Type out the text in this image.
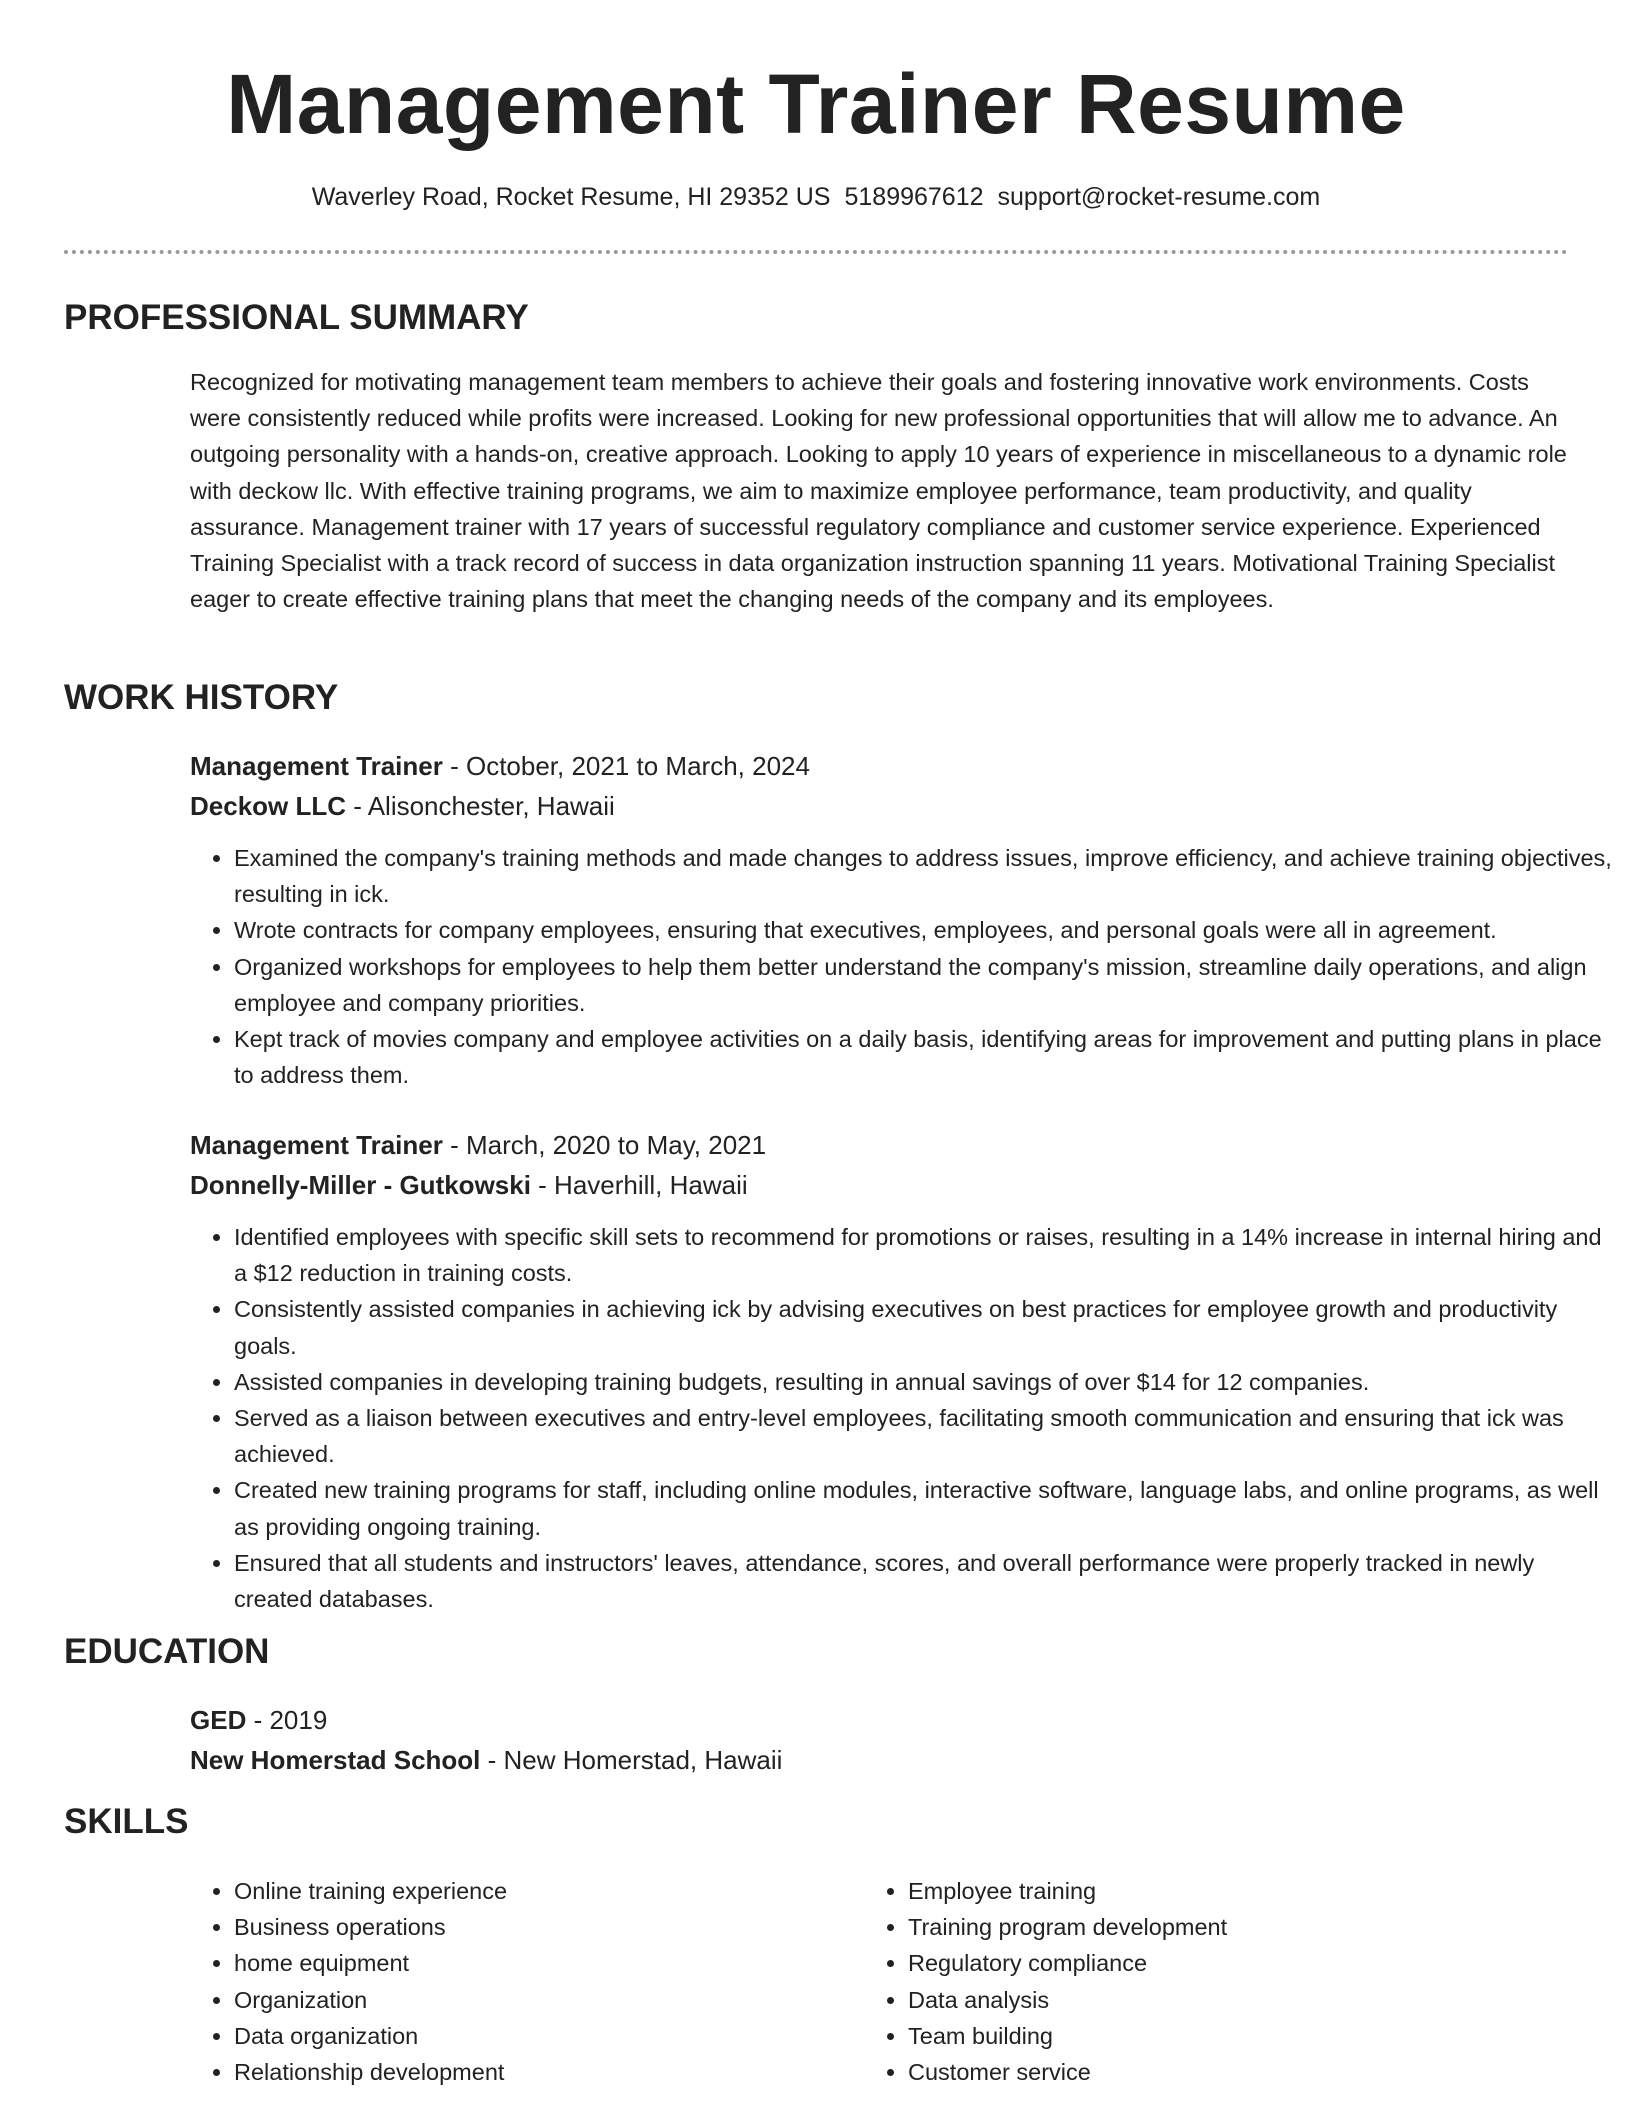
Management Trainer Resume
Waverley Road, Rocket Resume, HI 29352 US 5189967612 support@rocket-resume.com
PROFESSIONAL SUMMARY

Recognized for motivating management team members to achieve their goals and fostering innovative work environments. Costs were consistently reduced while profits were increased. Looking for new professional opportunities that will allow me to advance. An outgoing personality with a hands-on, creative approach. Looking to apply 10 years of experience in miscellaneous to a dynamic role with deckow llc. With effective training programs, we aim to maximize employee performance, team productivity, and quality assurance. Management trainer with 17 years of successful regulatory compliance and customer service experience. Experienced Training Specialist with a track record of success in data organization instruction spanning 11 years. Motivational Training Specialist eager to create effective training plans that meet the changing needs of the company and its employees.

WORK HISTORY
Management Trainer - October, 2021 to March, 2024
Deckow LLC - Alisonchester, Hawaii
• Examined the company's training methods and made changes to address issues, improve efficiency, and achieve training objectives, resulting in ick.
• Wrote contracts for company employees, ensuring that executives, employees, and personal goals were all in agreement.
• Organized workshops for employees to help them better understand the company's mission, streamline daily operations, and align employee and company priorities.
• Kept track of movies company and employee activities on a daily basis, identifying areas for improvement and putting plans in place to address them.
Management Trainer - March, 2020 to May, 2021
Donnelly-Miller - Gutkowski - Haverhill, Hawaii
• Identified employees with specific skill sets to recommend for promotions or raises, resulting in a 14% increase in internal hiring and a $12 reduction in training costs.
• Consistently assisted companies in achieving ick by advising executives on best practices for employee growth and productivity goals.
• Assisted companies in developing training budgets, resulting in annual savings of over $14 for 12 companies.
• Served as a liaison between executives and entry-level employees, facilitating smooth communication and ensuring that ick was achieved.
• Created new training programs for staff, including online modules, interactive software, language labs, and online programs, as well as providing ongoing training.
• Ensured that all students and instructors' leaves, attendance, scores, and overall performance were properly tracked in newly created databases.
EDUCATION
GED - 2019
New Homerstad School - New Homerstad, Hawaii
SKILLS
• Online training experience
• Business operations
• home equipment
• Organization
• Data organization
• Relationship development
• Employee training
• Training program development
• Regulatory compliance
• Data analysis
• Team building
• Customer service
